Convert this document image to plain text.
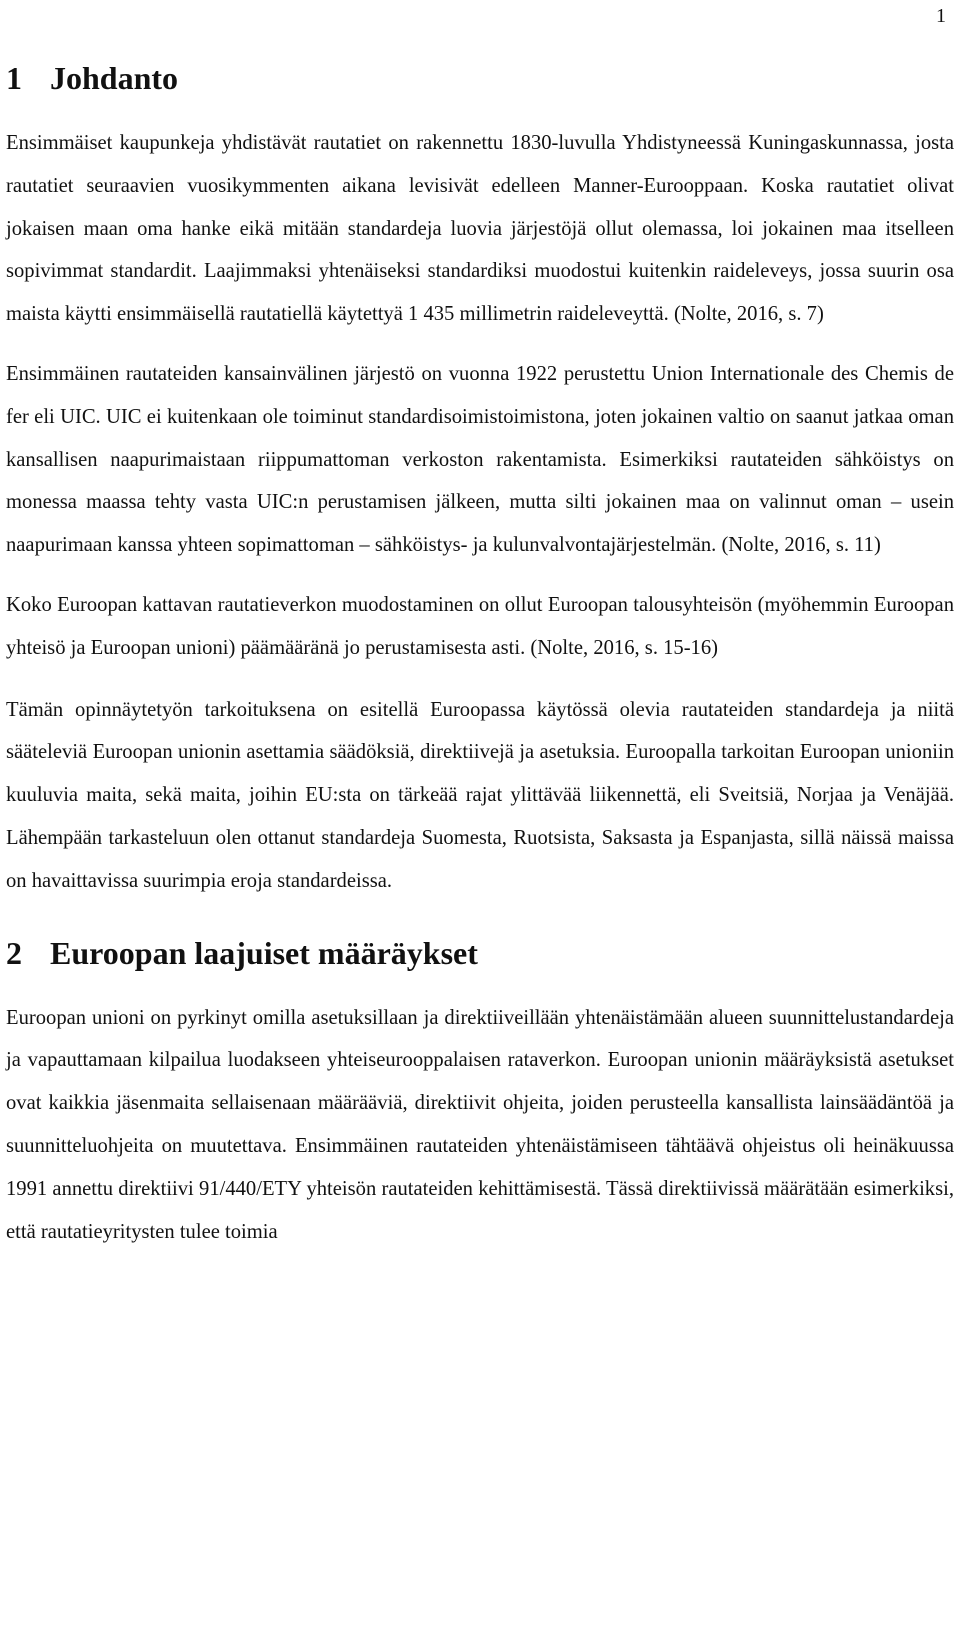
1
1 Johdanto

Ensimmäiset kaupunkeja yhdistävät rautatiet on rakennettu 1830-luvulla Yhdistyneessä Kuningaskunnassa, josta rautatiet seuraavien vuosikymmenten aikana levisivät edelleen Manner-Eurooppaan. Koska rautatiet olivat jokaisen maan oma hanke eikä mitään standardeja luovia järjestöjä ollut olemassa, loi jokainen maa itselleen sopivimmat standardit. Laajimmaksi yhtenäiseksi standardiksi muodostui kuitenkin raideleveys, jossa suurin osa maista käytti ensimmäisellä rautatiellä käytettyä 1 435 millimetrin raideleveyttä. (Nolte, 2016, s. 7)

Ensimmäinen rautateiden kansainvälinen järjestö on vuonna 1922 perustettu Union Internationale des Chemis de fer eli UIC. UIC ei kuitenkaan ole toiminut standardisoimistoimistona, joten jokainen valtio on saanut jatkaa oman kansallisen naapurimaistaan riippumattoman verkoston rakentamista. Esimerkiksi rautateiden sähköistys on monessa maassa tehty vasta UIC:n perustamisen jälkeen, mutta silti jokainen maa on valinnut oman – usein naapurimaan kanssa yhteen sopimattoman – sähköistys- ja kulunvalvontajärjestelmän. (Nolte, 2016, s. 11)

Koko Euroopan kattavan rautatieverkon muodostaminen on ollut Euroopan talousyhteisön (myöhemmin Euroopan yhteisö ja Euroopan unioni) päämääränä jo perustamisesta asti. (Nolte, 2016, s. 15-16)

Tämän opinnäytetyön tarkoituksena on esitellä Euroopassa käytössä olevia rautateiden standardeja ja niitä sääteleviä Euroopan unionin asettamia säädöksiä, direktiivejä ja asetuksia. Euroopalla tarkoitan Euroopan unioniin kuuluvia maita, sekä maita, joihin EU:sta on tärkeää rajat ylittävää liikennettä, eli Sveitsiä, Norjaa ja Venäjää. Lähempään tarkasteluun olen ottanut standardeja Suomesta, Ruotsista, Saksasta ja Espanjasta, sillä näissä maissa on havaittavissa suurimpia eroja standardeissa.

2 Euroopan laajuiset määräykset

Euroopan unioni on pyrkinyt omilla asetuksillaan ja direktiiveillään yhtenäistämään alueen suunnittelustandardeja ja vapauttamaan kilpailua luodakseen yhteiseurooppalaisen rataverkon. Euroopan unionin määräyksistä asetukset ovat kaikkia jäsenmaita sellaisenaan määrääviä, direktiivit ohjeita, joiden perusteella kansallista lainsäädäntöä ja suunnitteluohjeita on muutettava. Ensimmäinen rautateiden yhtenäistämiseen tähtäävä ohjeistus oli heinäkuussa 1991 annettu direktiivi 91/440/ETY yhteisön rautateiden kehittämisestä. Tässä direktiivissä määrätään esimerkiksi, että rautatieyritysten tulee toimia
